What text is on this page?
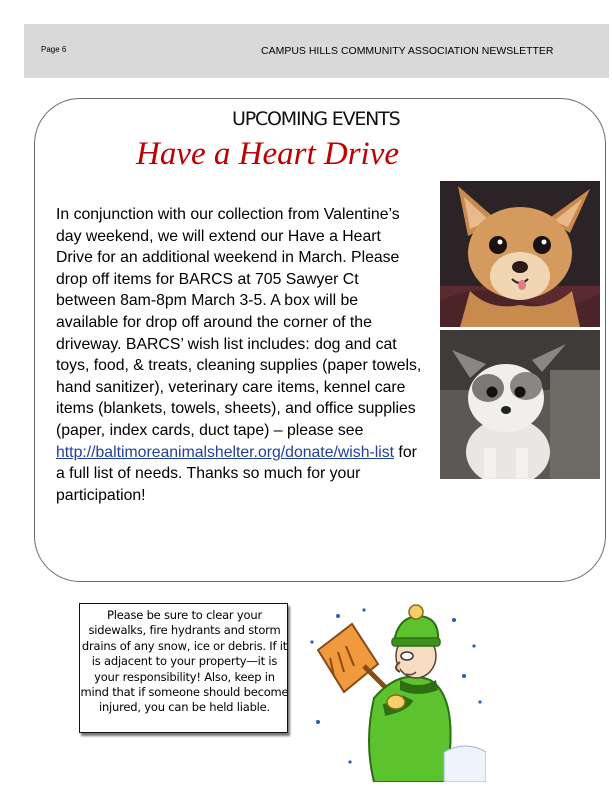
Page 6	CAMPUS HILLS COMMUNITY ASSOCIATION NEWSLETTER
UPCOMING EVENTS
Have a Heart Drive
In conjunction with our collection from Valentine’s day weekend, we will extend our Have a Heart Drive for an additional weekend in March. Please drop off items for BARCS at 705 Sawyer Ct between 8am-8pm March 3-5. A box will be available for drop off around the corner of the driveway. BARCS’ wish list includes: dog and cat toys, food, & treats, cleaning supplies (paper towels, hand sanitizer), veterinary care items, kennel care items (blankets, towels, sheets), and office supplies (paper, index cards, duct tape) – please see http://baltimoreanimalshelter.org/donate/wish-list for a full list of needs. Thanks so much for your participation!
Please be sure to clear your sidewalks, fire hydrants and storm drains of any snow, ice or debris. If it is adjacent to your property—it is your responsibility! Also, keep in mind that if someone should become injured, you can be held liable.
